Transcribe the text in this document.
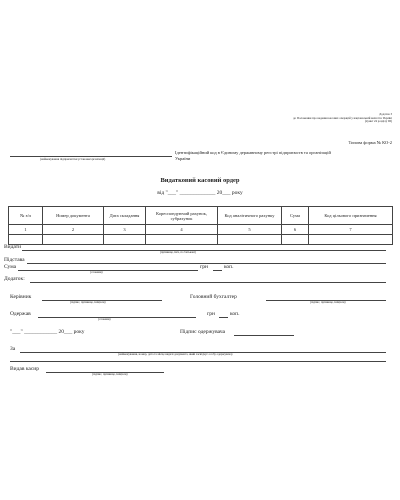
Додаток 3
до Положення про ведення касових операцій у національній валюті в Україні
(пункт 24 розділу ІІІ)
Типова форма № КО-2
(найменування підприємства/установи/організації)
Ідентифікаційний код в Єдиному державному реєстрі підприємств та організацій
України
Видатковий касовий ордер
від "___" _____________ 20___ року
№ з/п	Номер документа	Дата складання	Кореспондуючий рахунок, субрахунок	Код аналітичного рахунку	Сума	Код цільового призначення
1	2	3	4	5	6	7

Видати
(прізвище, ім'я, по батькові)
Підстава
Сума
(словами)
грн	коп.
Додаток:
Керівник
(підпис, прізвище, ініціали)
Головний бухгалтер
(підпис, прізвище, ініціали)
Одержав
(словами)
грн	коп.
"___" ____________ 20___ року	Підпис одержувача
За
(найменування, номер, дата та місце видачі документа, який засвідчує особу одержувача)
Видав касир
(підпис, прізвище, ініціали)
